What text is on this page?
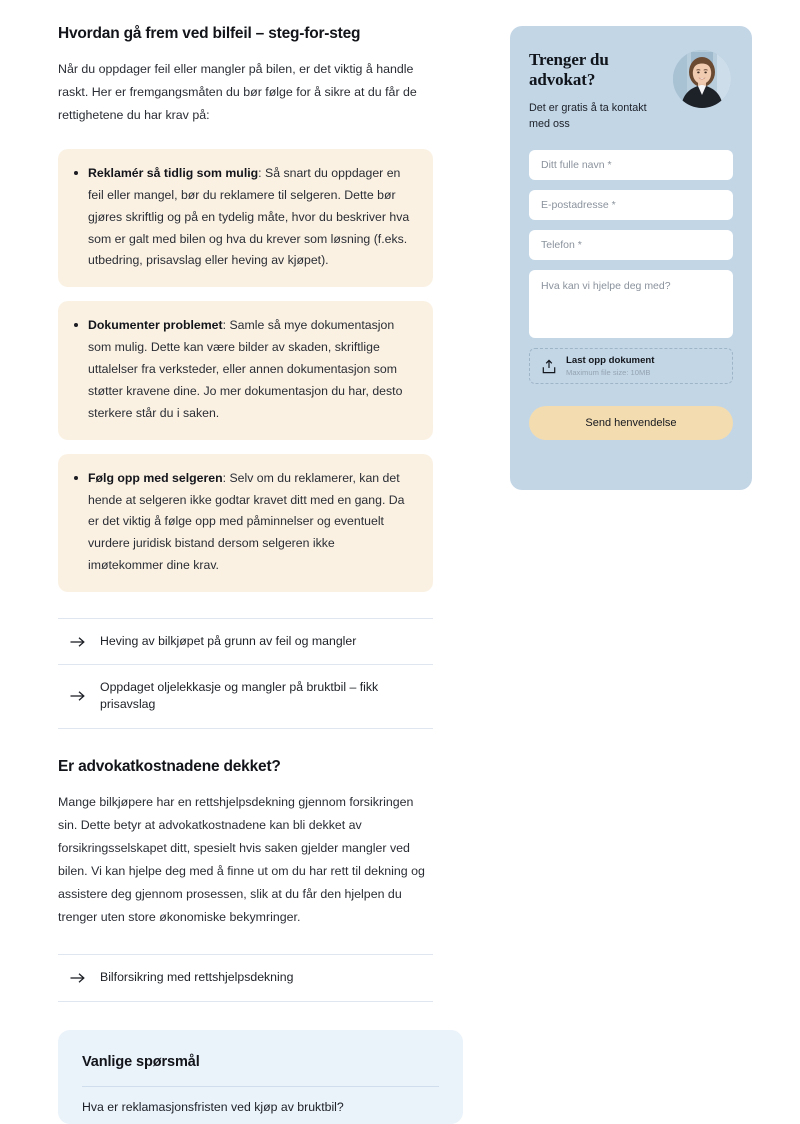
Hvordan gå frem ved bilfeil – steg-for-steg

Når du oppdager feil eller mangler på bilen, er det viktig å handle raskt. Her er fremgangsmåten du bør følge for å sikre at du får de rettighetene du har krav på:

Reklamér så tidlig som mulig: Så snart du oppdager en feil eller mangel, bør du reklamere til selgeren. Dette bør gjøres skriftlig og på en tydelig måte, hvor du beskriver hva som er galt med bilen og hva du krever som løsning (f.eks. utbedring, prisavslag eller heving av kjøpet).
Dokumenter problemet: Samle så mye dokumentasjon som mulig. Dette kan være bilder av skaden, skriftlige uttalelser fra verksteder, eller annen dokumentasjon som støtter kravene dine. Jo mer dokumentasjon du har, desto sterkere står du i saken.
Følg opp med selgeren: Selv om du reklamerer, kan det hende at selgeren ikke godtar kravet ditt med en gang. Da er det viktig å følge opp med påminnelser og eventuelt vurdere juridisk bistand dersom selgeren ikke imøtekommer dine krav.
Heving av bilkjøpet på grunn av feil og mangler
Oppdaget oljelekkasje og mangler på bruktbil – fikk prisavslag
Er advokatkostnadene dekket?

Mange bilkjøpere har en rettshjelpsdekning gjennom forsikringen sin. Dette betyr at advokatkostnadene kan bli dekket av forsikringsselskapet ditt, spesielt hvis saken gjelder mangler ved bilen. Vi kan hjelpe deg med å finne ut om du har rett til dekning og assistere deg gjennom prosessen, slik at du får den hjelpen du trenger uten store økonomiske bekymringer.

Bilforsikring med rettshjelpsdekning
Vanlige spørsmål
Hva er reklamasjonsfristen ved kjøp av bruktbil?
Trenger du advokat?
Det er gratis å ta kontakt med oss
Ditt fulle navn *
E-postadresse *
Telefon *
Hva kan vi hjelpe deg med?
Last opp dokument
Maximum file size: 10MB
Send henvendelse
